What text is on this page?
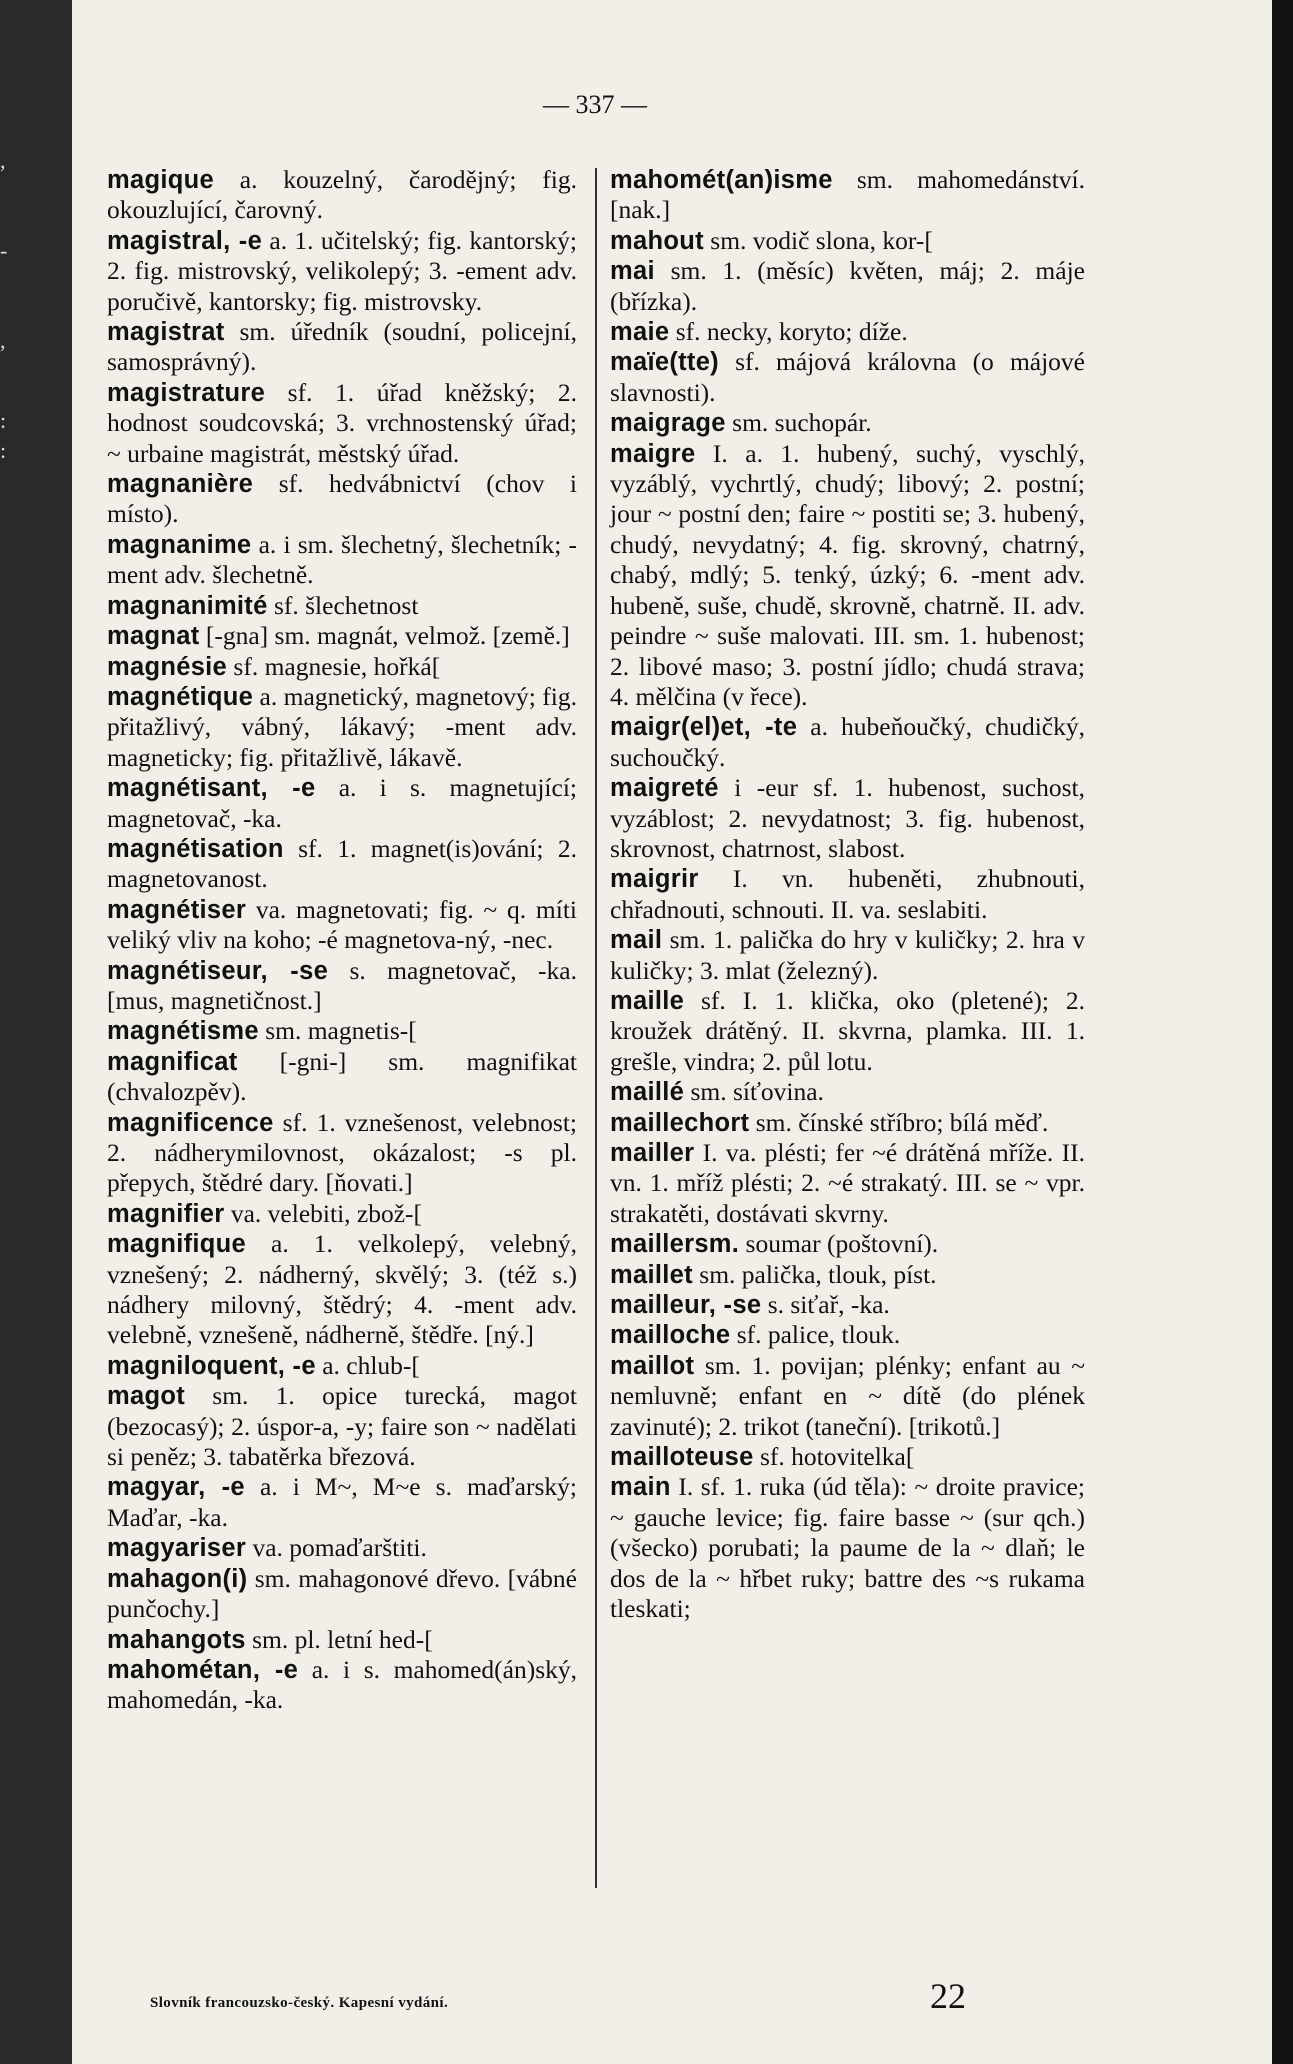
,
-
,
:
:
— 337 —

magique a. kouzelný, čarodějný; fig. okouzlující, čarovný.

magistral, -e a. 1. učitelský; fig. kantorský; 2. fig. mistrovský, velikolepý; 3. -ement adv. poručivě, kantorsky; fig. mistrovsky.

magistrat sm. úředník (soudní, policejní, samosprávný).

magistrature sf. 1. úřad kněžský; 2. hodnost soudcovská; 3. vrchnostenský úřad; ~ urbaine magistrát, městský úřad.

magnanière sf. hedvábnictví (chov i místo).

magnanime a. i sm. šlechetný, šlechetník; -ment adv. šlechetně.

magnanimité sf. šlechetnost

magnat [-gna] sm. magnát, velmož. [země.]

magnésie sf. magnesie, hořká[

magnétique a. magnetický, magnetový; fig. přitažlivý, vábný, lákavý; -ment adv. magneticky; fig. přitažlivě, lákavě.

magnétisant, -e a. i s. magnetující; magnetovač, -ka.

magnétisation sf. 1. magnet(is)ování; 2. magnetovanost.

magnétiser va. magnetovati; fig. ~ q. míti veliký vliv na koho; -é magnetova-ný, -nec.

magnétiseur, -se s. magnetovač, -ka. [mus, magnetičnost.]

magnétisme sm. magnetis-[

magnificat [-gni-] sm. magnifikat (chvalozpěv).

magnificence sf. 1. vznešenost, velebnost; 2. nádherymilovnost, okázalost; -s pl. přepych, štědré dary. [ňovati.]

magnifier va. velebiti, zbož-[

magnifique a. 1. velkolepý, velebný, vznešený; 2. nádherný, skvělý; 3. (též s.) nádhery milovný, štědrý; 4. -ment adv. velebně, vznešeně, nádherně, štědře. [ný.]

magniloquent, -e a. chlub-[

magot sm. 1. opice turecká, magot (bezocasý); 2. úspor-a, -y; faire son ~ nadělati si peněz; 3. tabatěrka březová.

magyar, -e a. i M~, M~e s. maďarský; Maďar, -ka.

magyariser va. pomaďarštiti.

mahagon(i) sm. mahagonové dřevo. [vábné punčochy.]

mahangots sm. pl. letní hed-[

mahométan, -e a. i s. mahomed(án)ský, mahomedán, -ka.

mahomét(an)isme sm. mahomedánství. [nak.]

mahout sm. vodič slona, kor-[

mai sm. 1. (měsíc) květen, máj; 2. máje (břízka).

maie sf. necky, koryto; díže.

maïe(tte) sf. májová královna (o májové slavnosti).

maigrage sm. suchopár.

maigre I. a. 1. hubený, suchý, vyschlý, vyzáblý, vychrtlý, chudý; libový; 2. postní; jour ~ postní den; faire ~ postiti se; 3. hubený, chudý, nevydatný; 4. fig. skrovný, chatrný, chabý, mdlý; 5. tenký, úzký; 6. -ment adv. hubeně, suše, chudě, skrovně, chatrně. II. adv. peindre ~ suše malovati. III. sm. 1. hubenost; 2. libové maso; 3. postní jídlo; chudá strava; 4. mělčina (v řece).

maigr(el)et, -te a. hubeňoučký, chudičký, suchoučký.

maigreté i -eur sf. 1. hubenost, suchost, vyzáblost; 2. nevydatnost; 3. fig. hubenost, skrovnost, chatrnost, slabost.

maigrir I. vn. hubeněti, zhubnouti, chřadnouti, schnouti. II. va. seslabiti.

mail sm. 1. palička do hry v kuličky; 2. hra v kuličky; 3. mlat (železný).

maille sf. I. 1. klička, oko (pletené); 2. kroužek drátěný. II. skvrna, plamka. III. 1. grešle, vindra; 2. půl lotu.

maillé sm. síťovina.

maillechort sm. čínské stříbro; bílá měď.

mailler I. va. plésti; fer ~é drátěná mříže. II. vn. 1. mříž plésti; 2. ~é strakatý. III. se ~ vpr. strakatěti, dostávati skvrny.

maillersm. soumar (poštovní).

maillet sm. palička, tlouk, píst.

mailleur, -se s. siťař, -ka.

mailloche sf. palice, tlouk.

maillot sm. 1. povijan; plénky; enfant au ~ nemluvně; enfant en ~ dítě (do plének zavinuté); 2. trikot (taneční). [trikotů.]

mailloteuse sf. hotovitelka[

main I. sf. 1. ruka (úd těla): ~ droite pravice; ~ gauche levice; fig. faire basse ~ (sur qch.) (všecko) porubati; la paume de la ~ dlaň; le dos de la ~ hřbet ruky; battre des ~s rukama tleskati;

Slovník francouzsko-český. Kapesní vydání.	22
